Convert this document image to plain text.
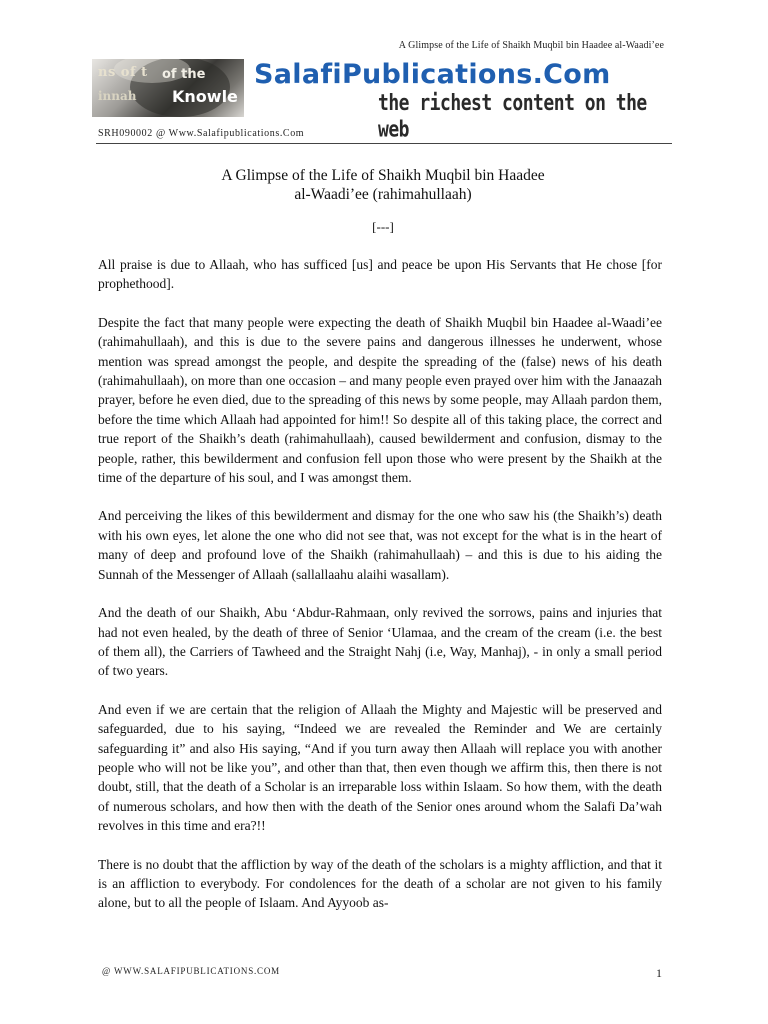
A Glimpse of the Life of Shaikh Muqbil bin Haadee al-Waadi’ee
ns of t of the
Knowle
innah
SalafiPublications.Com
the richest content on the web
SRH090002 @ Www.Salafipublications.Com
A Glimpse of the Life of Shaikh Muqbil bin Haadee
al-Waadi’ee (rahimahullaah)
[---]

All praise is due to Allaah, who has sufficed [us] and peace be upon His Servants that He chose [for prophethood].

Despite the fact that many people were expecting the death of Shaikh Muqbil bin Haadee al-Waadi’ee (rahimahullaah), and this is due to the severe pains and dangerous illnesses he underwent, whose mention was spread amongst the people, and despite the spreading of the (false) news of his death (rahimahullaah), on more than one occasion – and many people even prayed over him with the Janaazah prayer, before he even died, due to the spreading of this news by some people, may Allaah pardon them, before the time which Allaah had appointed for him!! So despite all of this taking place, the correct and true report of the Shaikh’s death (rahimahullaah), caused bewilderment and confusion, dismay to the people, rather, this bewilderment and confusion fell upon those who were present by the Shaikh at the time of the departure of his soul, and I was amongst them.

And perceiving the likes of this bewilderment and dismay for the one who saw his (the Shaikh’s) death with his own eyes, let alone the one who did not see that, was not except for the what is in the heart of many of deep and profound love of the Shaikh (rahimahullaah) – and this is due to his aiding the Sunnah of the Messenger of Allaah (sallallaahu alaihi wasallam).

And the death of our Shaikh, Abu ‘Abdur-Rahmaan, only revived the sorrows, pains and injuries that had not even healed, by the death of three of Senior ‘Ulamaa, and the cream of the cream (i.e. the best of them all), the Carriers of Tawheed and the Straight Nahj (i.e, Way, Manhaj), - in only a small period of two years.

And even if we are certain that the religion of Allaah the Mighty and Majestic will be preserved and safeguarded, due to his saying, “Indeed we are revealed the Reminder and We are certainly safeguarding it” and also His saying, “And if you turn away then Allaah will replace you with another people who will not be like you”, and other than that, then even though we affirm this, then there is not doubt, still, that the death of a Scholar is an irreparable loss within Islaam. So how them, with the death of numerous scholars, and how then with the death of the Senior ones around whom the Salafi Da’wah revolves in this time and era?!!

There is no doubt that the affliction by way of the death of the scholars is a mighty affliction, and that it is an affliction to everybody. For condolences for the death of a scholar are not given to his family alone, but to all the people of Islaam. And Ayyoob as-

@ WWW.SALAFIPUBLICATIONS.COM	1
